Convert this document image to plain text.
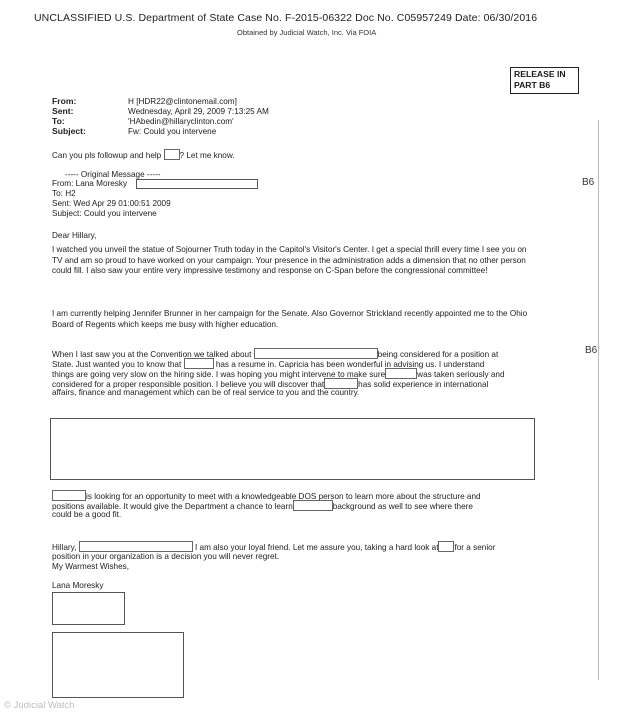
UNCLASSIFIED U.S. Department of State Case No. F-2015-06322 Doc No. C05957249 Date: 06/30/2016
Obtained by Judicial Watch, Inc. Via FOIA
RELEASE IN
PART B6
B6
B6
From:	H [HDR22@clintonemail.com]
Sent:	Wednesday, April 29, 2009 7:13:25 AM
To:	'HAbedin@hillaryclinton.com'
Subject:	Fw: Could you intervene
Can you pls followup and help ? Let me know.
----- Original Message -----
From: Lana Moresky
To: H2
Sent: Wed Apr 29 01:00:51 2009
Subject: Could you intervene
Dear Hillary,
I watched you unveil the statue of Sojourner Truth today in the Capitol's Visitor's Center. I get a special thrill every time I see you on TV and am so proud to have worked on your campaign. Your presence in the administration adds a dimension that no other person could fill. I also saw your entire very impressive testimony and response on C-Span before the congressional committee!
I am currently helping Jennifer Brunner in her campaign for the Senate. Also Governor Strickland recently appointed me to the Ohio Board of Regents which keeps me busy with higher education.
When I last saw you at the Convention we talked about	being considered for a position at
State. Just wanted you to know that	has a resume in. Capricia has been wonderful in advising us. I understand
things are going very slow on the hiring side. I was hoping you might intervene to make sure	was taken seriously and
considered for a proper responsible position. I believe you will discover that	has solid experience in international
affairs, finance and management which can be of real service to you and the country.
is looking for an opportunity to meet with a knowledgeable DOS person to learn more about the structure and
positions available. It would give the Department a chance to learn	background as well to see where there
could be a good fit.
Hillary,	I am also your loyal friend. Let me assure you, taking a hard look at for a senior
position in your organization is a decision you will never regret.
My Warmest Wishes,
Lana Moresky
© Judicial Watch
